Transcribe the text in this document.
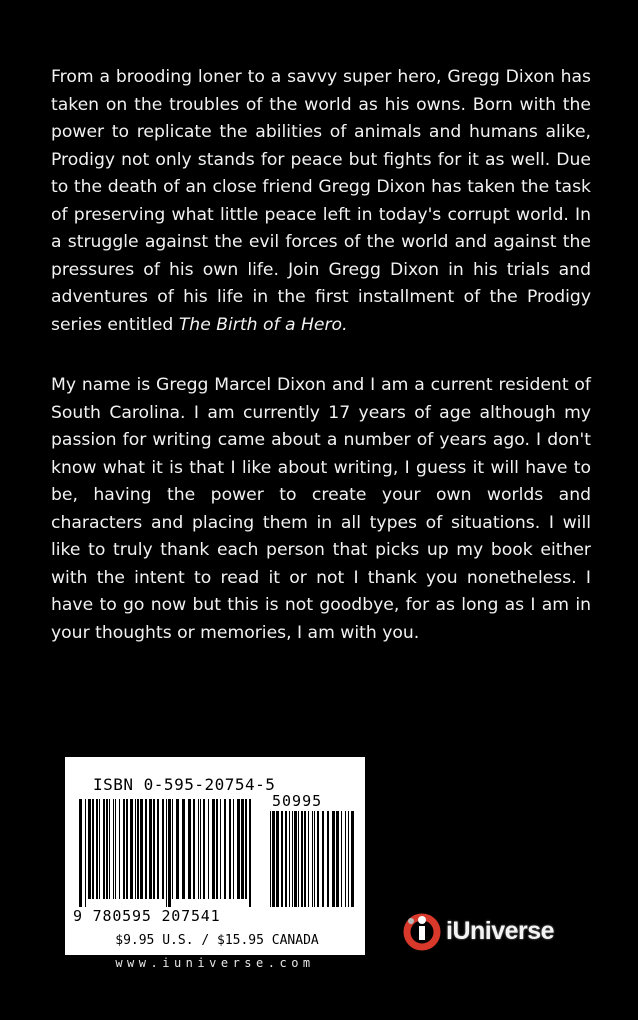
From a brooding loner to a savvy super hero, Gregg Dixon has taken on the troubles of the world as his owns. Born with the power to replicate the abilities of animals and humans alike, Prodigy not only stands for peace but fights for it as well. Due to the death of an close friend Gregg Dixon has taken the task of preserving what little peace left in today's corrupt world. In a struggle against the evil forces of the world and against the pressures of his own life. Join Gregg Dixon in his trials and adventures of his life in the first installment of the Prodigy series entitled The Birth of a Hero.

My name is Gregg Marcel Dixon and I am a current resident of South Carolina. I am currently 17 years of age although my passion for writing came about a number of years ago. I don't know what it is that I like about writing, I guess it will have to be, having the power to create your own worlds and characters and placing them in all types of situations. I will like to truly thank each person that picks up my book either with the intent to read it or not I thank you nonetheless. I have to go now but this is not goodbye, for as long as I am in your thoughts or memories, I am with you.

ISBN 0-595-20754-5
50995
9 780595 207541
$9.95 U.S. / $15.95 CANADA
www.iuniverse.com
iUniverse
